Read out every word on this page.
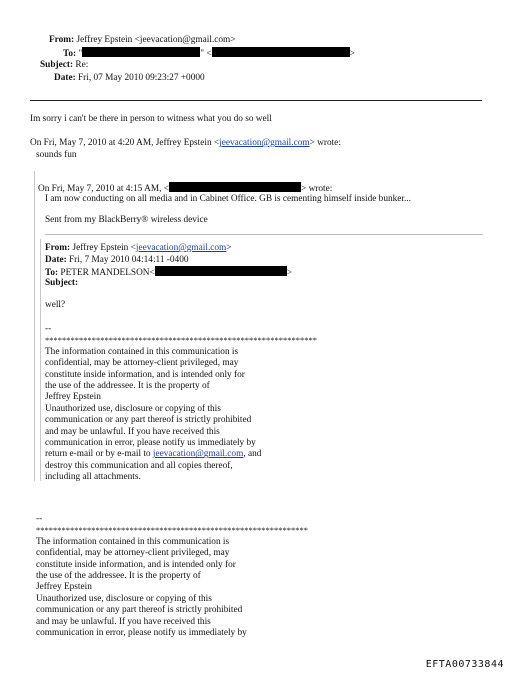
From: Jeffrey Epstein <jeevacation@gmail.com>
To: "	" <	>
Subject: Re:
Date: Fri, 07 May 2010 09:23:27 +0000
Im sorry i can't be there in person to witness what you do so well
On Fri, May 7, 2010 at 4:20 AM, Jeffrey Epstein <jeevacation@gmail.com> wrote:
sounds fun
On Fri, May 7, 2010 at 4:15 AM, <	> wrote:
I am now conducting on all media and in Cabinet Office. GB is cementing himself inside bunker...
Sent from my BlackBerry® wireless device
From: Jeffrey Epstein <jeevacation@gmail.com>
Date: Fri, 7 May 2010 04:14:11 -0400
To: PETER MANDELSON<	>
Subject:
well?
--
****************************************************************
The information contained in this communication is
confidential, may be attorney-client privileged, may
constitute inside information, and is intended only for
the use of the addressee. It is the property of
Jeffrey Epstein
Unauthorized use, disclosure or copying of this
communication or any part thereof is strictly prohibited
and may be unlawful. If you have received this
communication in error, please notify us immediately by
return e-mail or by e-mail to jeevacation@gmail.com, and
destroy this communication and all copies thereof,
including all attachments.
--
****************************************************************
The information contained in this communication is
confidential, may be attorney-client privileged, may
constitute inside information, and is intended only for
the use of the addressee. It is the property of
Jeffrey Epstein
Unauthorized use, disclosure or copying of this
communication or any part thereof is strictly prohibited
and may be unlawful. If you have received this
communication in error, please notify us immediately by
EFTA00733844
